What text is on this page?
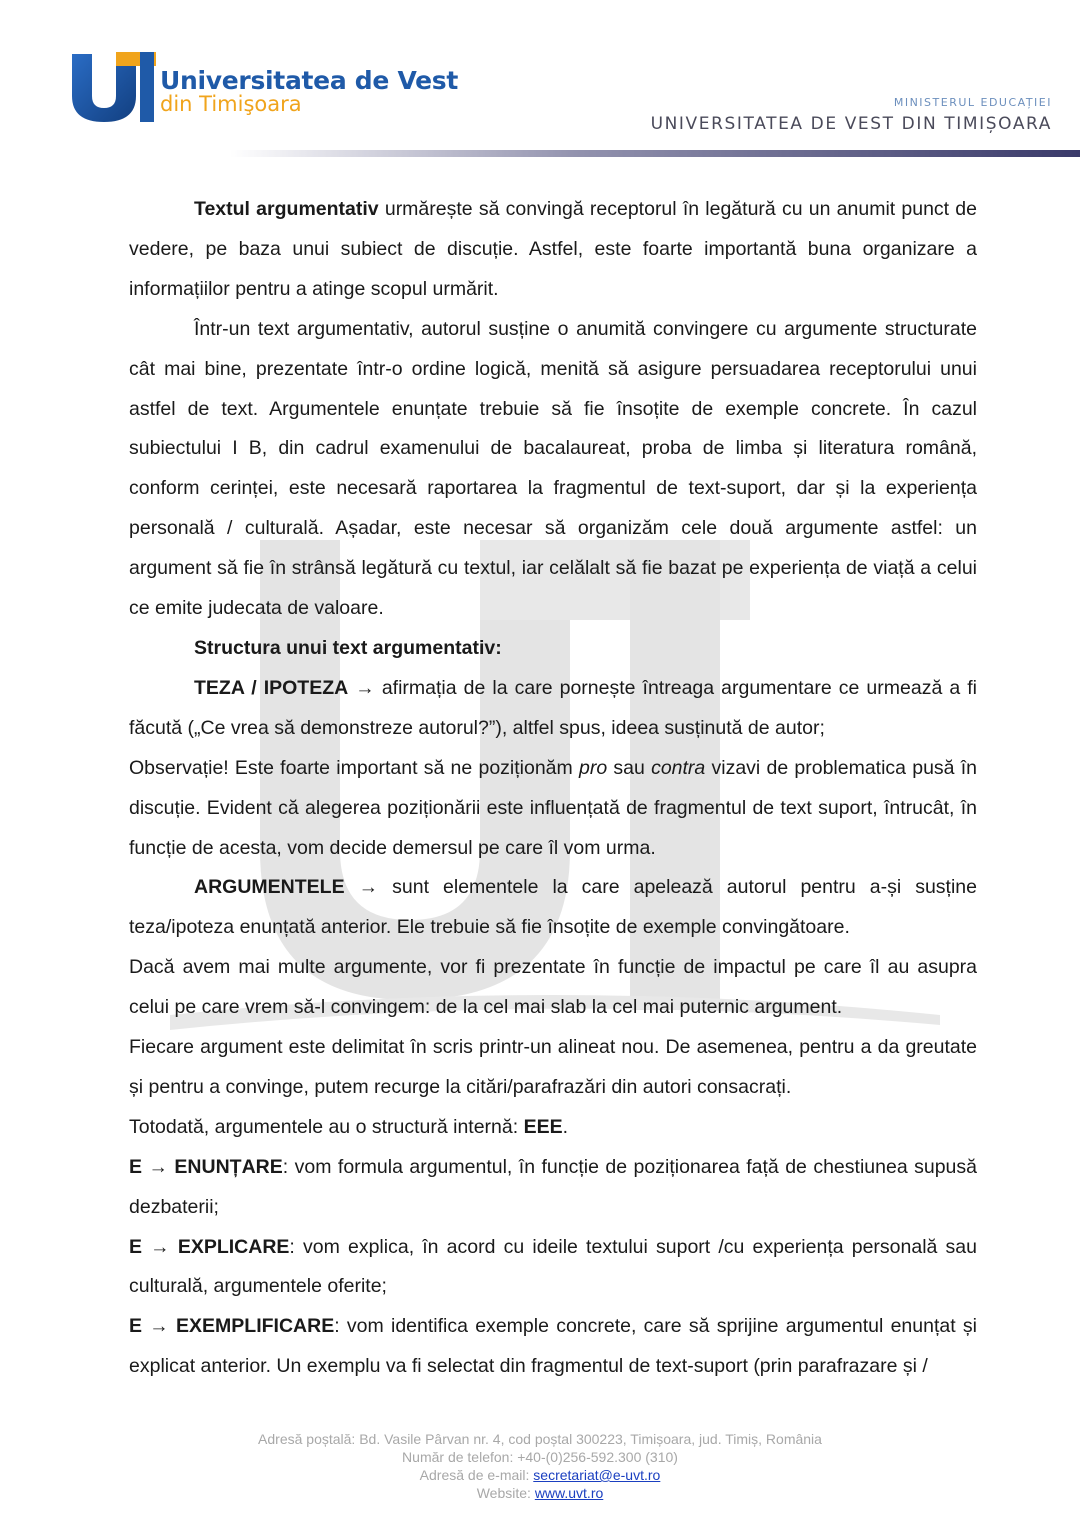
Universitatea de Vest
din Timişoara	MINISTERUL EDUCAȚIEI
UNIVERSITATEA DE VEST DIN TIMIȘOARA

Textul argumentativ urmărește să convingă receptorul în legătură cu un anumit punct de vedere, pe baza unui subiect de discuție. Astfel, este foarte importantă buna organizare a informațiilor pentru a atinge scopul urmărit.

Într-un text argumentativ, autorul susține o anumită convingere cu argumente structurate cât mai bine, prezentate într-o ordine logică, menită să asigure persuadarea receptorului unui astfel de text. Argumentele enunțate trebuie să fie însoțite de exemple concrete. În cazul subiectului I B, din cadrul examenului de bacalaureat, proba de limba și literatura română, conform cerinței, este necesară raportarea la fragmentul de text-suport, dar și la experiența personală / culturală. Așadar, este necesar să organizăm cele două argumente astfel: un argument să fie în strânsă legătură cu textul, iar celălalt să fie bazat pe experiența de viață a celui ce emite judecata de valoare.

Structura unui text argumentativ:

TEZA / IPOTEZA → afirmația de la care pornește întreaga argumentare ce urmează a fi făcută („Ce vrea să demonstreze autorul?”), altfel spus, ideea susținută de autor;

Observație! Este foarte important să ne poziționăm pro sau contra vizavi de problematica pusă în discuție. Evident că alegerea poziționării este influențată de fragmentul de text suport, întrucât, în funcție de acesta, vom decide demersul pe care îl vom urma.

ARGUMENTELE → sunt elementele la care apelează autorul pentru a-și susține teza/ipoteza enunțată anterior. Ele trebuie să fie însoțite de exemple convingătoare.

Dacă avem mai multe argumente, vor fi prezentate în funcție de impactul pe care îl au asupra celui pe care vrem să-l convingem: de la cel mai slab la cel mai puternic argument.

Fiecare argument este delimitat în scris printr-un alineat nou. De asemenea, pentru a da greutate și pentru a convinge, putem recurge la citări/parafrazări din autori consacrați.

Totodată, argumentele au o structură internă: EEE.

E → ENUNȚARE: vom formula argumentul, în funcție de poziționarea față de chestiunea supusă dezbaterii;

E → EXPLICARE: vom explica, în acord cu ideile textului suport /cu experiența personală sau culturală, argumentele oferite;

E → EXEMPLIFICARE: vom identifica exemple concrete, care să sprijine argumentul enunțat și explicat anterior. Un exemplu va fi selectat din fragmentul de text-suport (prin parafrazare și /

Adresă poștală: Bd. Vasile Pârvan nr. 4, cod poștal 300223, Timișoara, jud. Timiș, România
Număr de telefon: +40-(0)256-592.300 (310)
Adresă de e-mail: secretariat@e-uvt.ro
Website: www.uvt.ro
